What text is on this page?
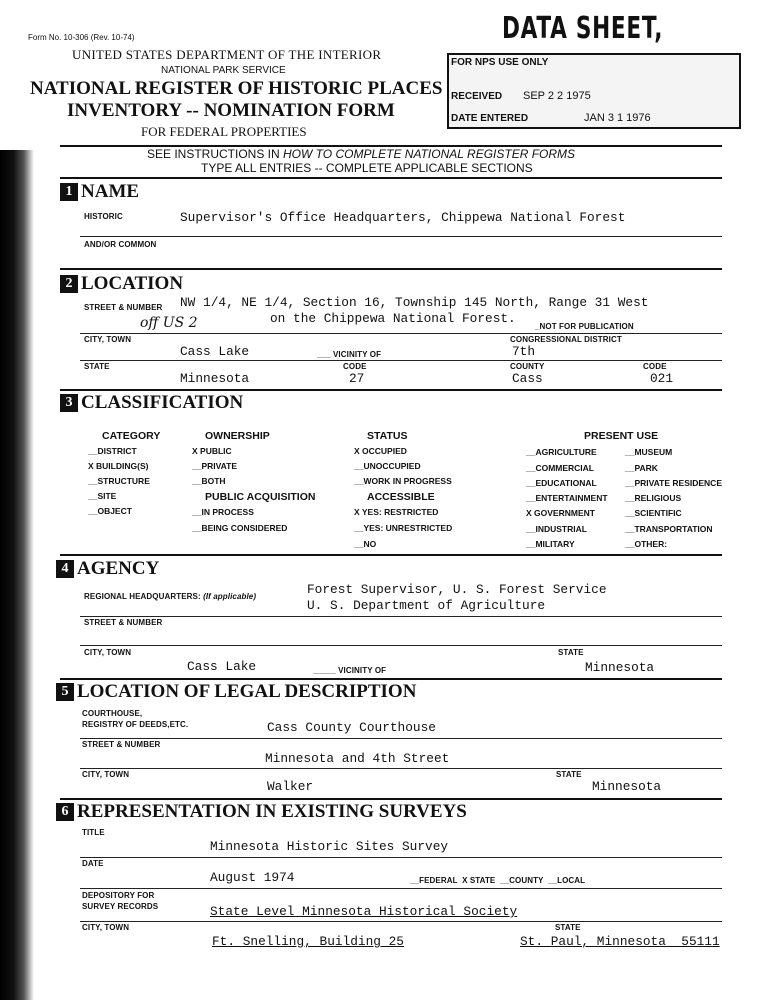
Form No. 10-306 (Rev. 10-74)
UNITED STATES DEPARTMENT OF THE INTERIOR
NATIONAL PARK SERVICE
NATIONAL REGISTER OF HISTORIC PLACES
INVENTORY -- NOMINATION FORM
FOR FEDERAL PROPERTIES
DATA SHEET,
FOR NPS USE ONLY
RECEIVED SEP 2 2 1975
DATE ENTERED	JAN 3 1 1976
SEE INSTRUCTIONS IN HOW TO COMPLETE NATIONAL REGISTER FORMS
TYPE ALL ENTRIES -- COMPLETE APPLICABLE SECTIONS
1 NAME
HISTORIC	Supervisor's Office Headquarters, Chippewa National Forest
AND/OR COMMON
2 LOCATION
STREET & NUMBER NW 1/4, NE 1/4, Section 16, Township 145 North, Range 31 West
on the Chippewa National Forest.
off US 2	_NOT FOR PUBLICATION
CITY, TOWN	CONGRESSIONAL DISTRICT
Cass Lake	___ VICINITY OF	7th
STATE	CODE	COUNTY	CODE
Minnesota	27	Cass	021
3 CLASSIFICATION
CATEGORY
__DISTRICT
X BUILDING(S)
__STRUCTURE
__SITE
__OBJECT
OWNERSHIP
X PUBLIC
__PRIVATE
__BOTH
PUBLIC ACQUISITION
__IN PROCESS
__BEING CONSIDERED
STATUS
X OCCUPIED
__UNOCCUPIED
__WORK IN PROGRESS
ACCESSIBLE
X YES: RESTRICTED
__YES: UNRESTRICTED
__NO
PRESENT USE
__AGRICULTURE
__COMMERCIAL
__EDUCATIONAL
__ENTERTAINMENT
X GOVERNMENT
__INDUSTRIAL
__MILITARY
__MUSEUM
__PARK
__PRIVATE RESIDENCE
__RELIGIOUS
__SCIENTIFIC
__TRANSPORTATION
__OTHER:
4 AGENCY
REGIONAL HEADQUARTERS: (If applicable)	Forest Supervisor, U. S. Forest Service
U. S. Department of Agriculture
STREET & NUMBER
CITY, TOWN	STATE
Cass Lake	_____ VICINITY OF	Minnesota
5 LOCATION OF LEGAL DESCRIPTION
COURTHOUSE,
REGISTRY OF DEEDS,ETC.	Cass County Courthouse
STREET & NUMBER
Minnesota and 4th Street
CITY, TOWN	STATE
Walker	Minnesota
6 REPRESENTATION IN EXISTING SURVEYS
TITLE
Minnesota Historic Sites Survey
DATE
August 1974	__FEDERAL  X STATE  __COUNTY  __LOCAL
DEPOSITORY FOR
SURVEY RECORDS	State Level Minnesota Historical Society
CITY, TOWN	STATE
Ft. Snelling, Building 25	St. Paul, Minnesota  55111
